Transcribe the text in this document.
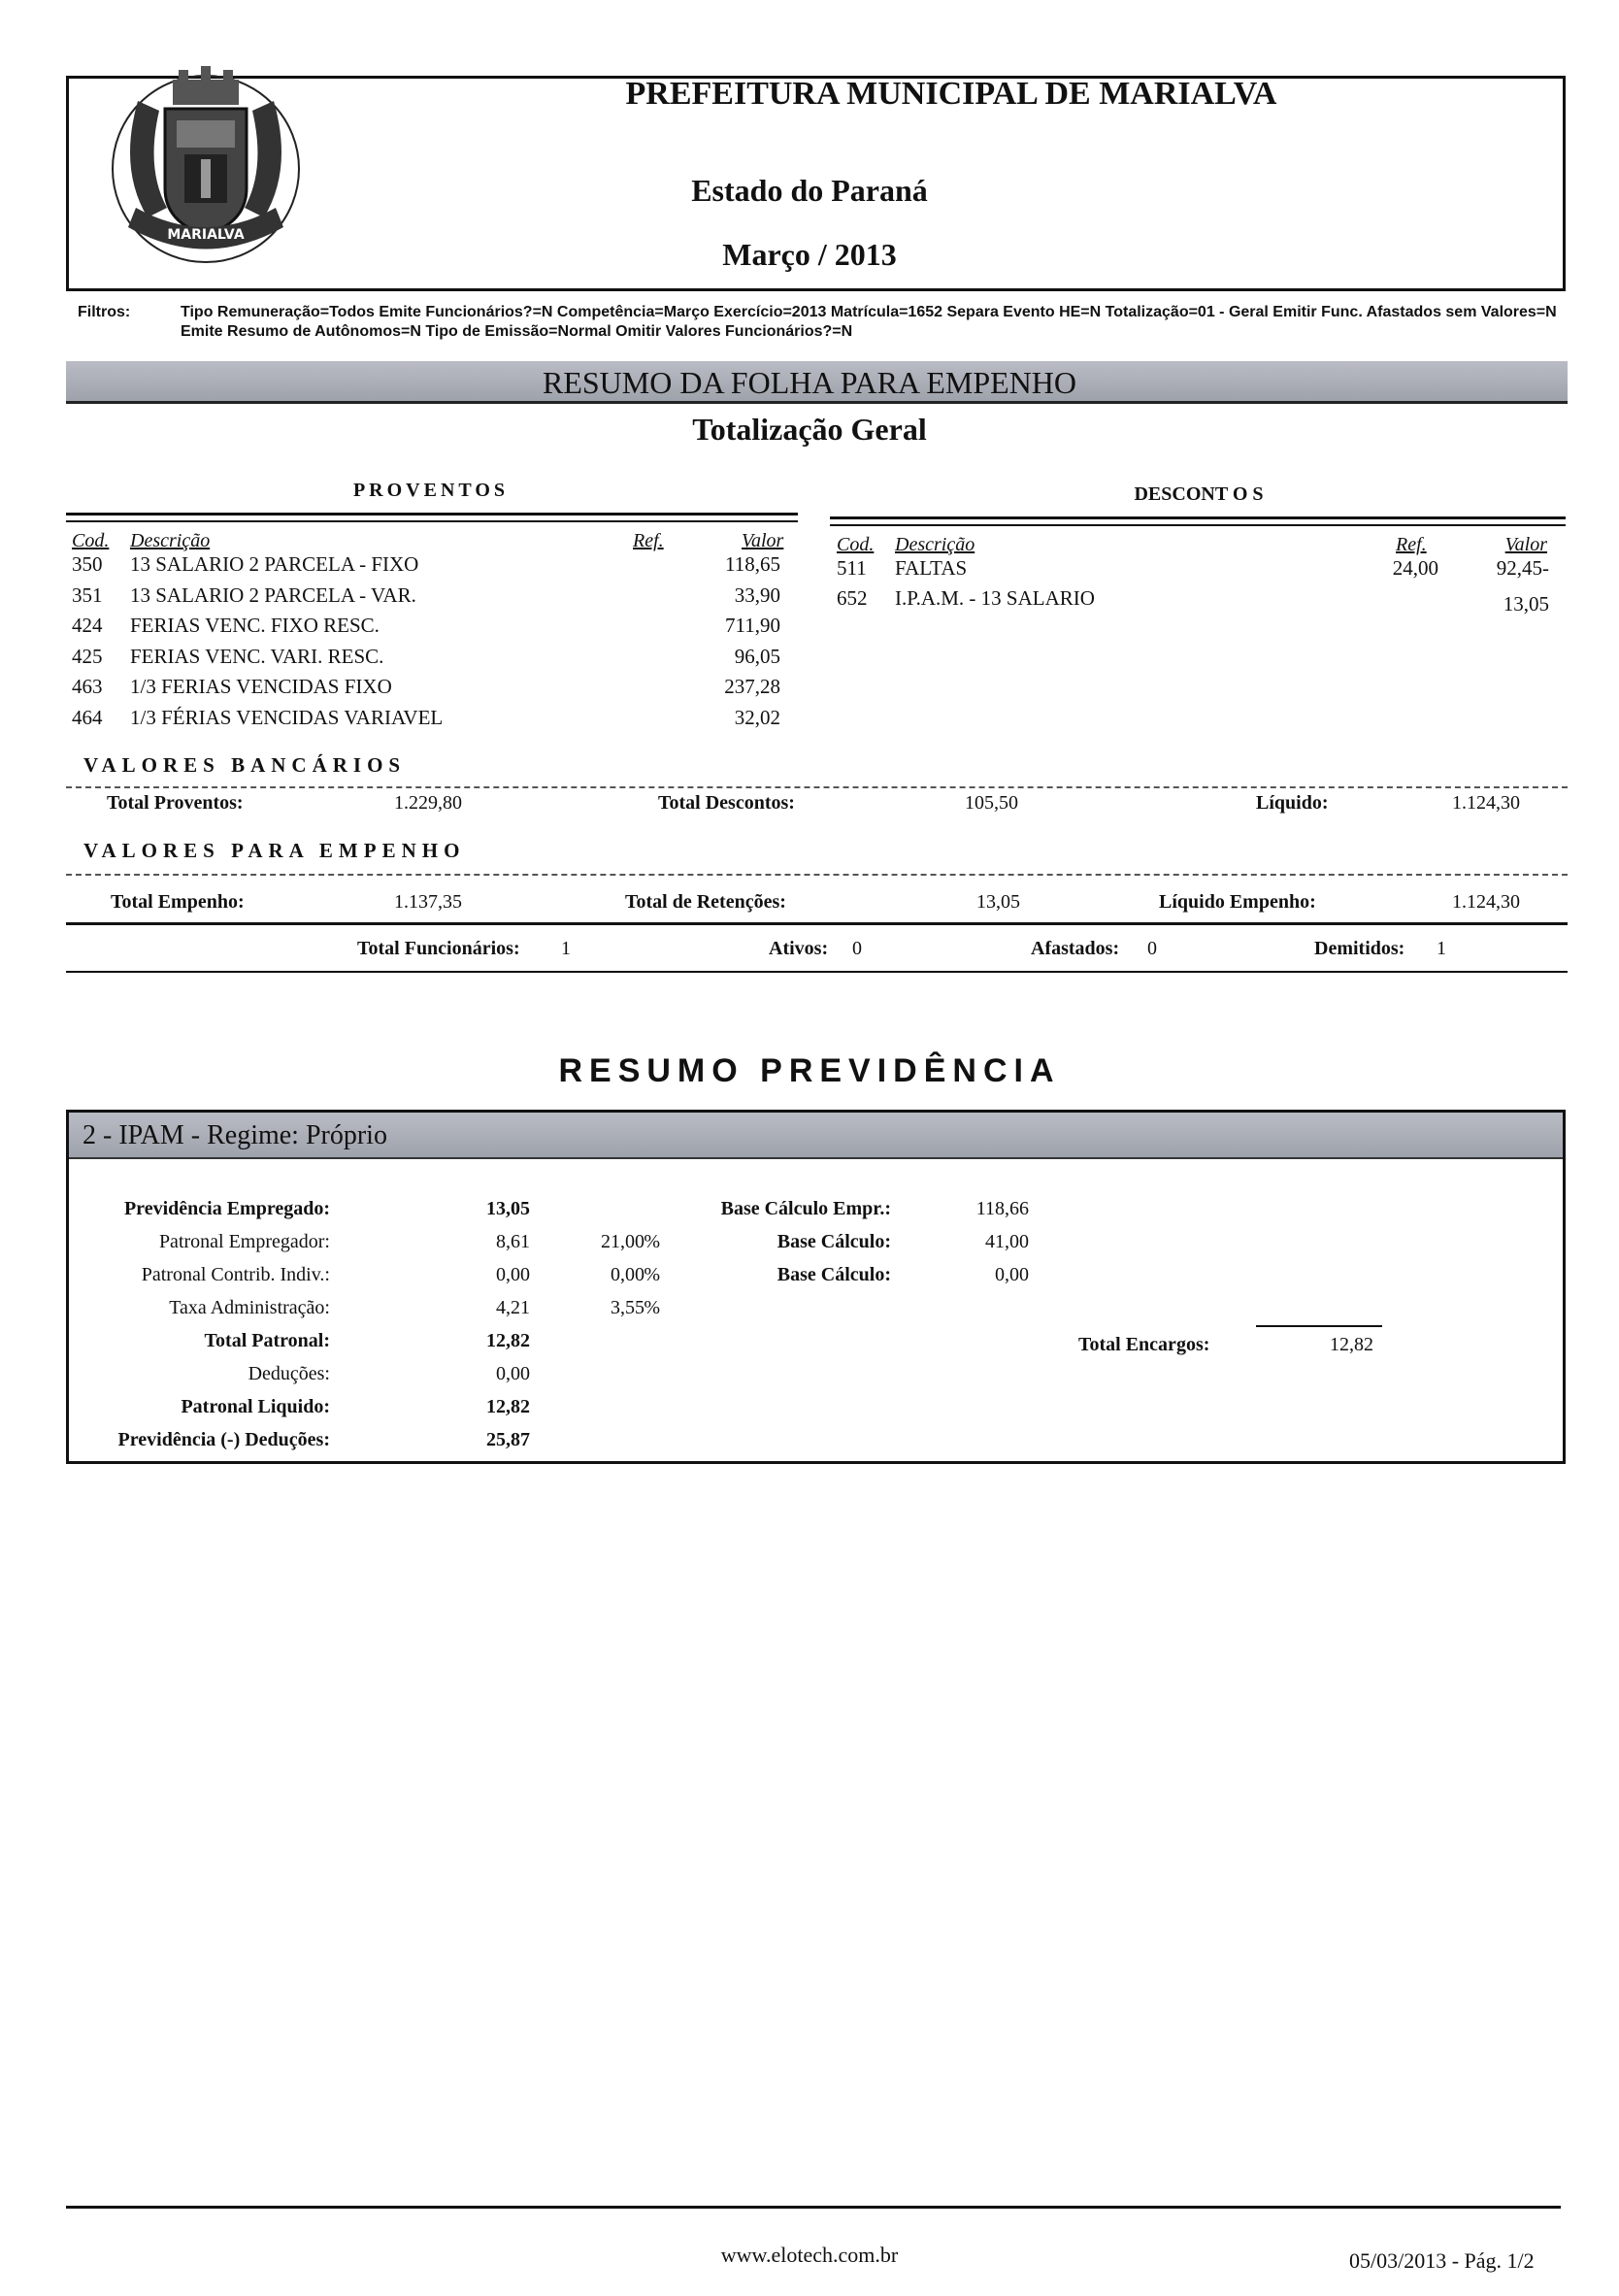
MARIALVA
PREFEITURA MUNICIPAL DE MARIALVA
Estado do Paraná
Março / 2013
Filtros:	Tipo Remuneração=Todos Emite Funcionários?=N Competência=Março Exercício=2013 Matrícula=1652 Separa Evento HE=N Totalização=01 - Geral Emitir Func. Afastados sem Valores=N Emite Resumo de Autônomos=N Tipo de Emissão=Normal Omitir Valores Funcionários?=N
RESUMO DA FOLHA PARA EMPENHO
Totalização Geral
PROVENTOS
Cod. Descrição	Ref.	Valor
350 13 SALARIO 2 PARCELA - FIXO	118,65
351 13 SALARIO 2 PARCELA - VAR.	33,90
424 FERIAS VENC. FIXO RESC.	711,90
425 FERIAS VENC. VARI. RESC.	96,05
463 1/3 FERIAS VENCIDAS FIXO	237,28
464 1/3 FÉRIAS VENCIDAS VARIAVEL	32,02
DESCONT O S
Cod. Descrição	Ref.	Valor
511 FALTAS	24,00	92,45-
652 I.P.A.M. - 13 SALARIO	13,05
VALORES BANCÁRIOS
Total Proventos:	1.229,80	Total Descontos:	105,50	Líquido:	1.124,30
VALORES PARA EMPENHO
Total Empenho:	1.137,35	Total de Retenções:	13,05	Líquido Empenho:	1.124,30
Total Funcionários: 1	Ativos: 0	Afastados: 0	Demitidos: 1
RESUMO PREVIDÊNCIA
2 - IPAM - Regime: Próprio
Previdência Empregado:	13,05	Base Cálculo Empr.:	118,66
Patronal Empregador:	8,61	21,00 %	Base Cálculo:	41,00
Patronal Contrib. Indiv.:	0,00	0,00 %	Base Cálculo:	0,00
Taxa Administração:	4,21	3,55 %
Total Patronal:	12,82
Deduções:	0,00
Patronal Liquido:	12,82
Previdência (-) Deduções:	25,87
Total Encargos:	12,82
www.elotech.com.br	05/03/2013 - Pág. 1/2
